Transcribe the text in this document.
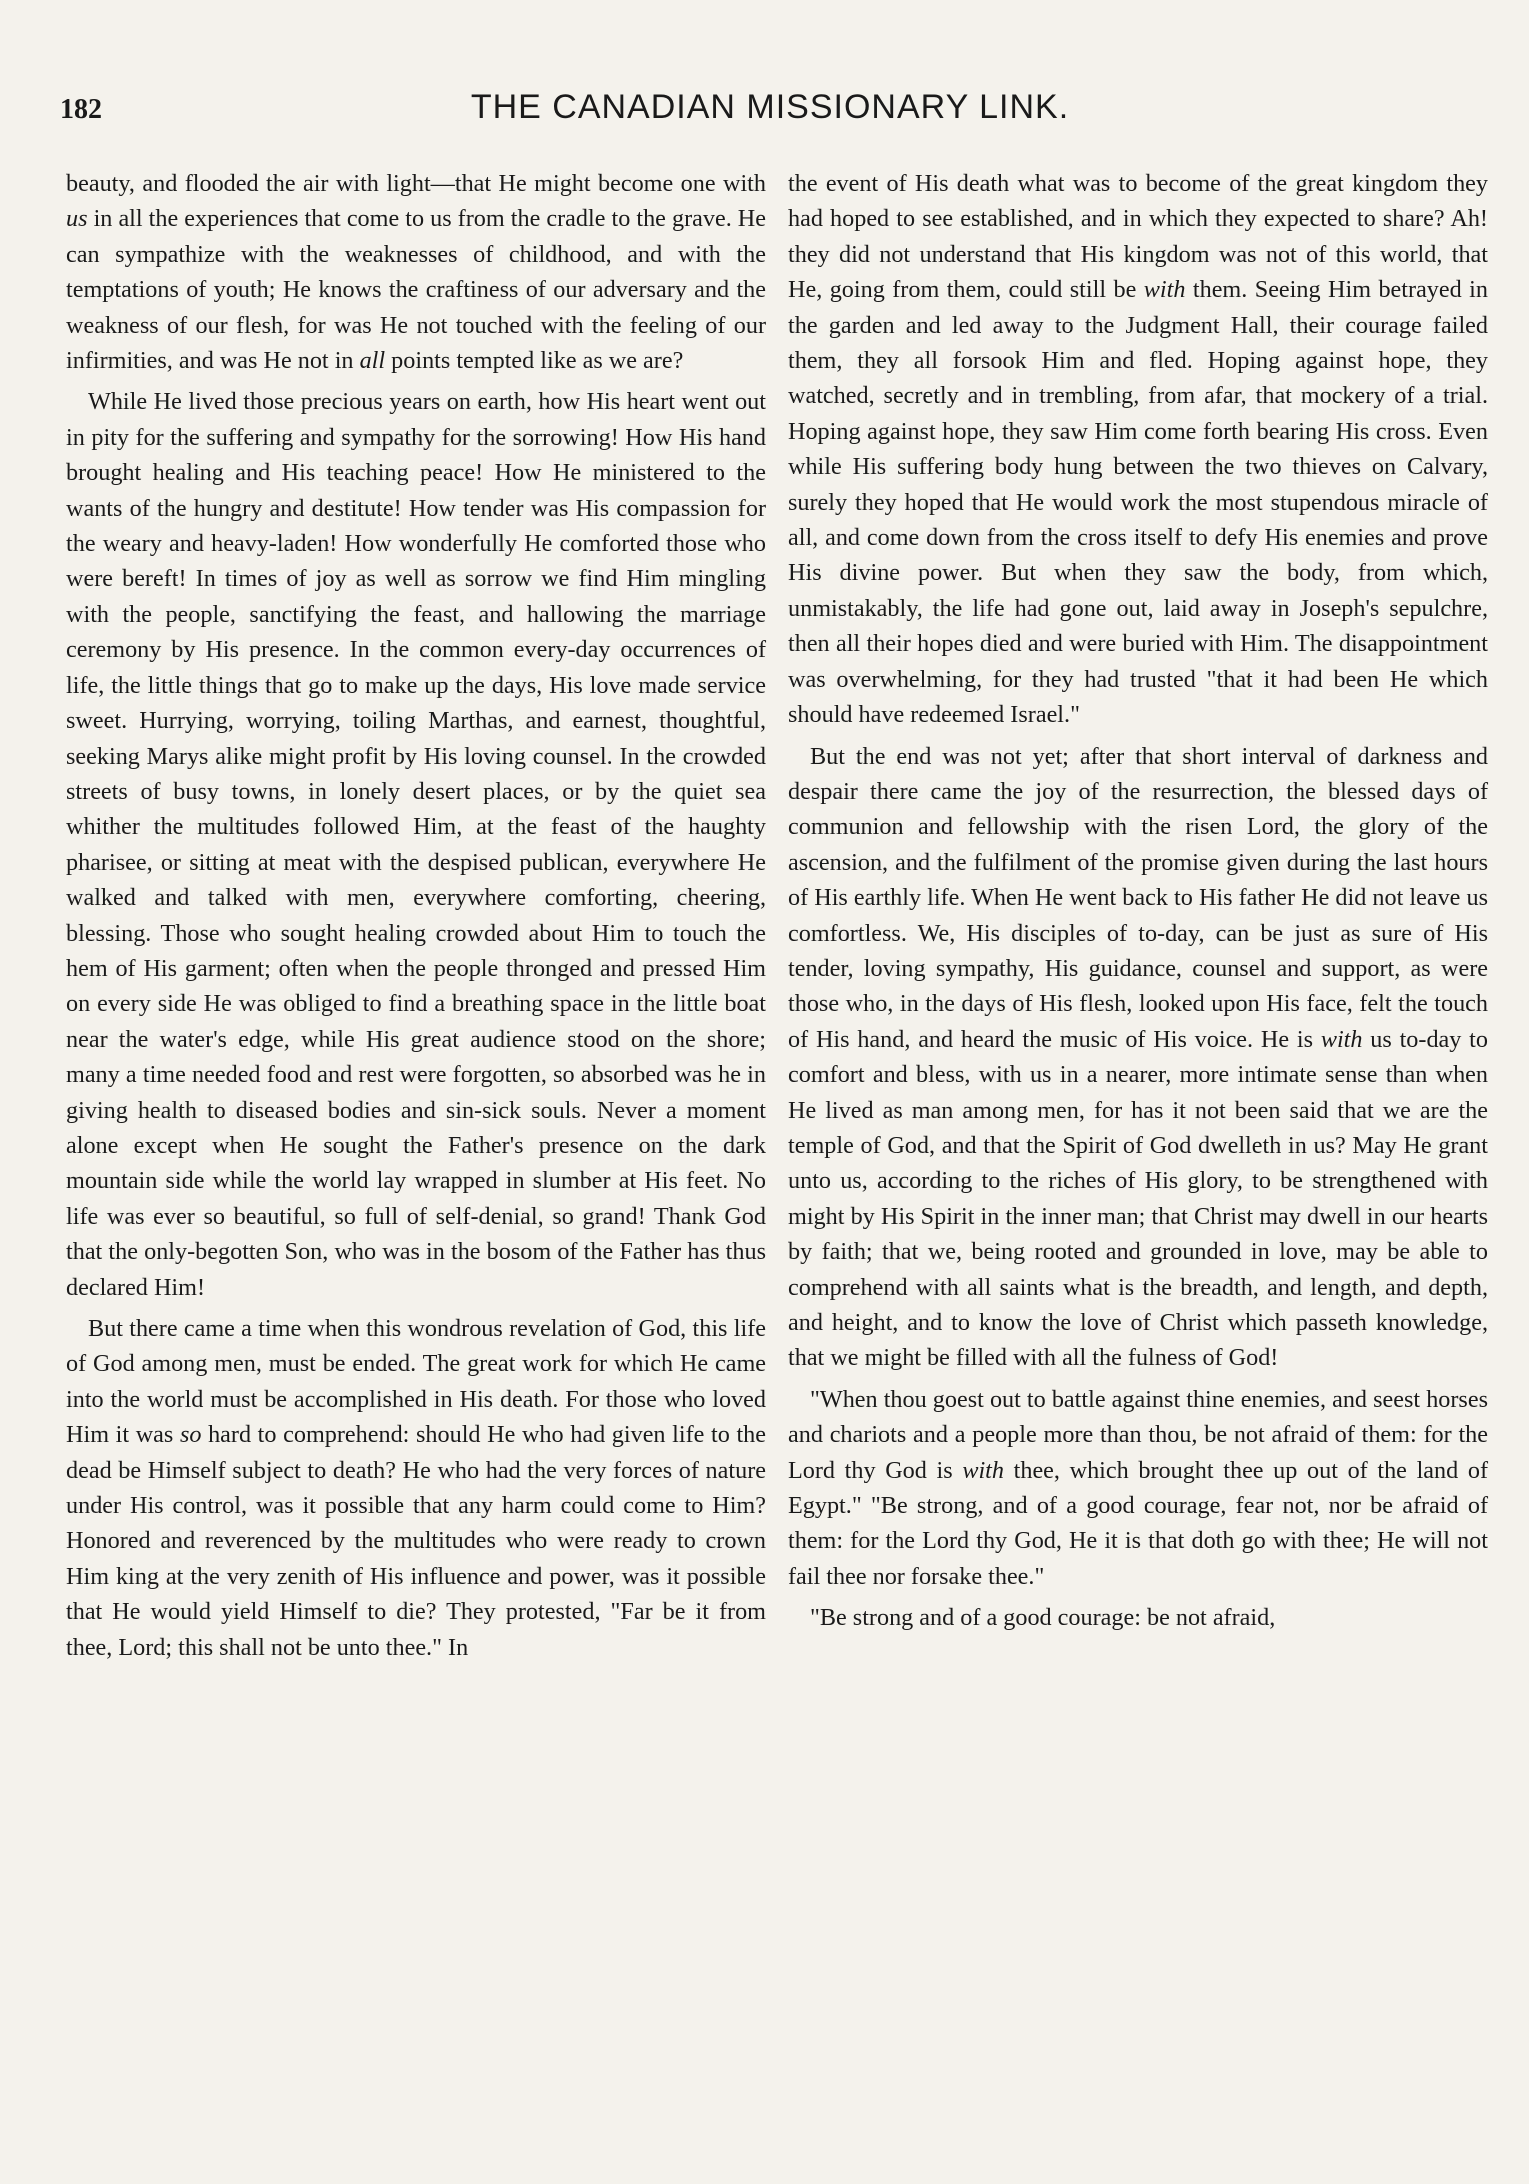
182	THE CANADIAN MISSIONARY LINK.

beauty, and flooded the air with light—that He might become one with us in all the experiences that come to us from the cradle to the grave. He can sympathize with the weaknesses of childhood, and with the temptations of youth; He knows the craftiness of our adversary and the weakness of our flesh, for was He not touched with the feeling of our infirmities, and was He not in all points tempted like as we are?

While He lived those precious years on earth, how His heart went out in pity for the suffering and sympathy for the sorrowing! How His hand brought healing and His teaching peace! How He ministered to the wants of the hungry and destitute! How tender was His compassion for the weary and heavy-laden! How wonderfully He comforted those who were bereft! In times of joy as well as sorrow we find Him mingling with the people, sanctifying the feast, and hallowing the marriage ceremony by His presence. In the common every-day occurrences of life, the little things that go to make up the days, His love made service sweet. Hurrying, worrying, toiling Marthas, and earnest, thoughtful, seeking Marys alike might profit by His loving counsel. In the crowded streets of busy towns, in lonely desert places, or by the quiet sea whither the multitudes followed Him, at the feast of the haughty pharisee, or sitting at meat with the despised publican, everywhere He walked and talked with men, everywhere comforting, cheering, blessing. Those who sought healing crowded about Him to touch the hem of His garment; often when the people thronged and pressed Him on every side He was obliged to find a breathing space in the little boat near the water's edge, while His great audience stood on the shore; many a time needed food and rest were forgotten, so absorbed was he in giving health to diseased bodies and sin-sick souls. Never a moment alone except when He sought the Father's presence on the dark mountain side while the world lay wrapped in slumber at His feet. No life was ever so beautiful, so full of self-denial, so grand! Thank God that the only-begotten Son, who was in the bosom of the Father has thus declared Him!

But there came a time when this wondrous revelation of God, this life of God among men, must be ended. The great work for which He came into the world must be accomplished in His death. For those who loved Him it was so hard to comprehend: should He who had given life to the dead be Himself subject to death? He who had the very forces of nature under His control, was it possible that any harm could come to Him? Honored and reverenced by the multitudes who were ready to crown Him king at the very zenith of His influence and power, was it possible that He would yield Himself to die? They protested, "Far be it from thee, Lord; this shall not be unto thee." In

the event of His death what was to become of the great kingdom they had hoped to see established, and in which they expected to share? Ah! they did not understand that His kingdom was not of this world, that He, going from them, could still be with them. Seeing Him betrayed in the garden and led away to the Judgment Hall, their courage failed them, they all forsook Him and fled. Hoping against hope, they watched, secretly and in trembling, from afar, that mockery of a trial. Hoping against hope, they saw Him come forth bearing His cross. Even while His suffering body hung between the two thieves on Calvary, surely they hoped that He would work the most stupendous miracle of all, and come down from the cross itself to defy His enemies and prove His divine power. But when they saw the body, from which, unmistakably, the life had gone out, laid away in Joseph's sepulchre, then all their hopes died and were buried with Him. The disappointment was overwhelming, for they had trusted "that it had been He which should have redeemed Israel."

But the end was not yet; after that short interval of darkness and despair there came the joy of the resurrection, the blessed days of communion and fellowship with the risen Lord, the glory of the ascension, and the fulfilment of the promise given during the last hours of His earthly life. When He went back to His father He did not leave us comfortless. We, His disciples of to-day, can be just as sure of His tender, loving sympathy, His guidance, counsel and support, as were those who, in the days of His flesh, looked upon His face, felt the touch of His hand, and heard the music of His voice. He is with us to-day to comfort and bless, with us in a nearer, more intimate sense than when He lived as man among men, for has it not been said that we are the temple of God, and that the Spirit of God dwelleth in us? May He grant unto us, according to the riches of His glory, to be strengthened with might by His Spirit in the inner man; that Christ may dwell in our hearts by faith; that we, being rooted and grounded in love, may be able to comprehend with all saints what is the breadth, and length, and depth, and height, and to know the love of Christ which passeth knowledge, that we might be filled with all the fulness of God!

"When thou goest out to battle against thine enemies, and seest horses and chariots and a people more than thou, be not afraid of them: for the Lord thy God is with thee, which brought thee up out of the land of Egypt." "Be strong, and of a good courage, fear not, nor be afraid of them: for the Lord thy God, He it is that doth go with thee; He will not fail thee nor forsake thee."

"Be strong and of a good courage: be not afraid,
